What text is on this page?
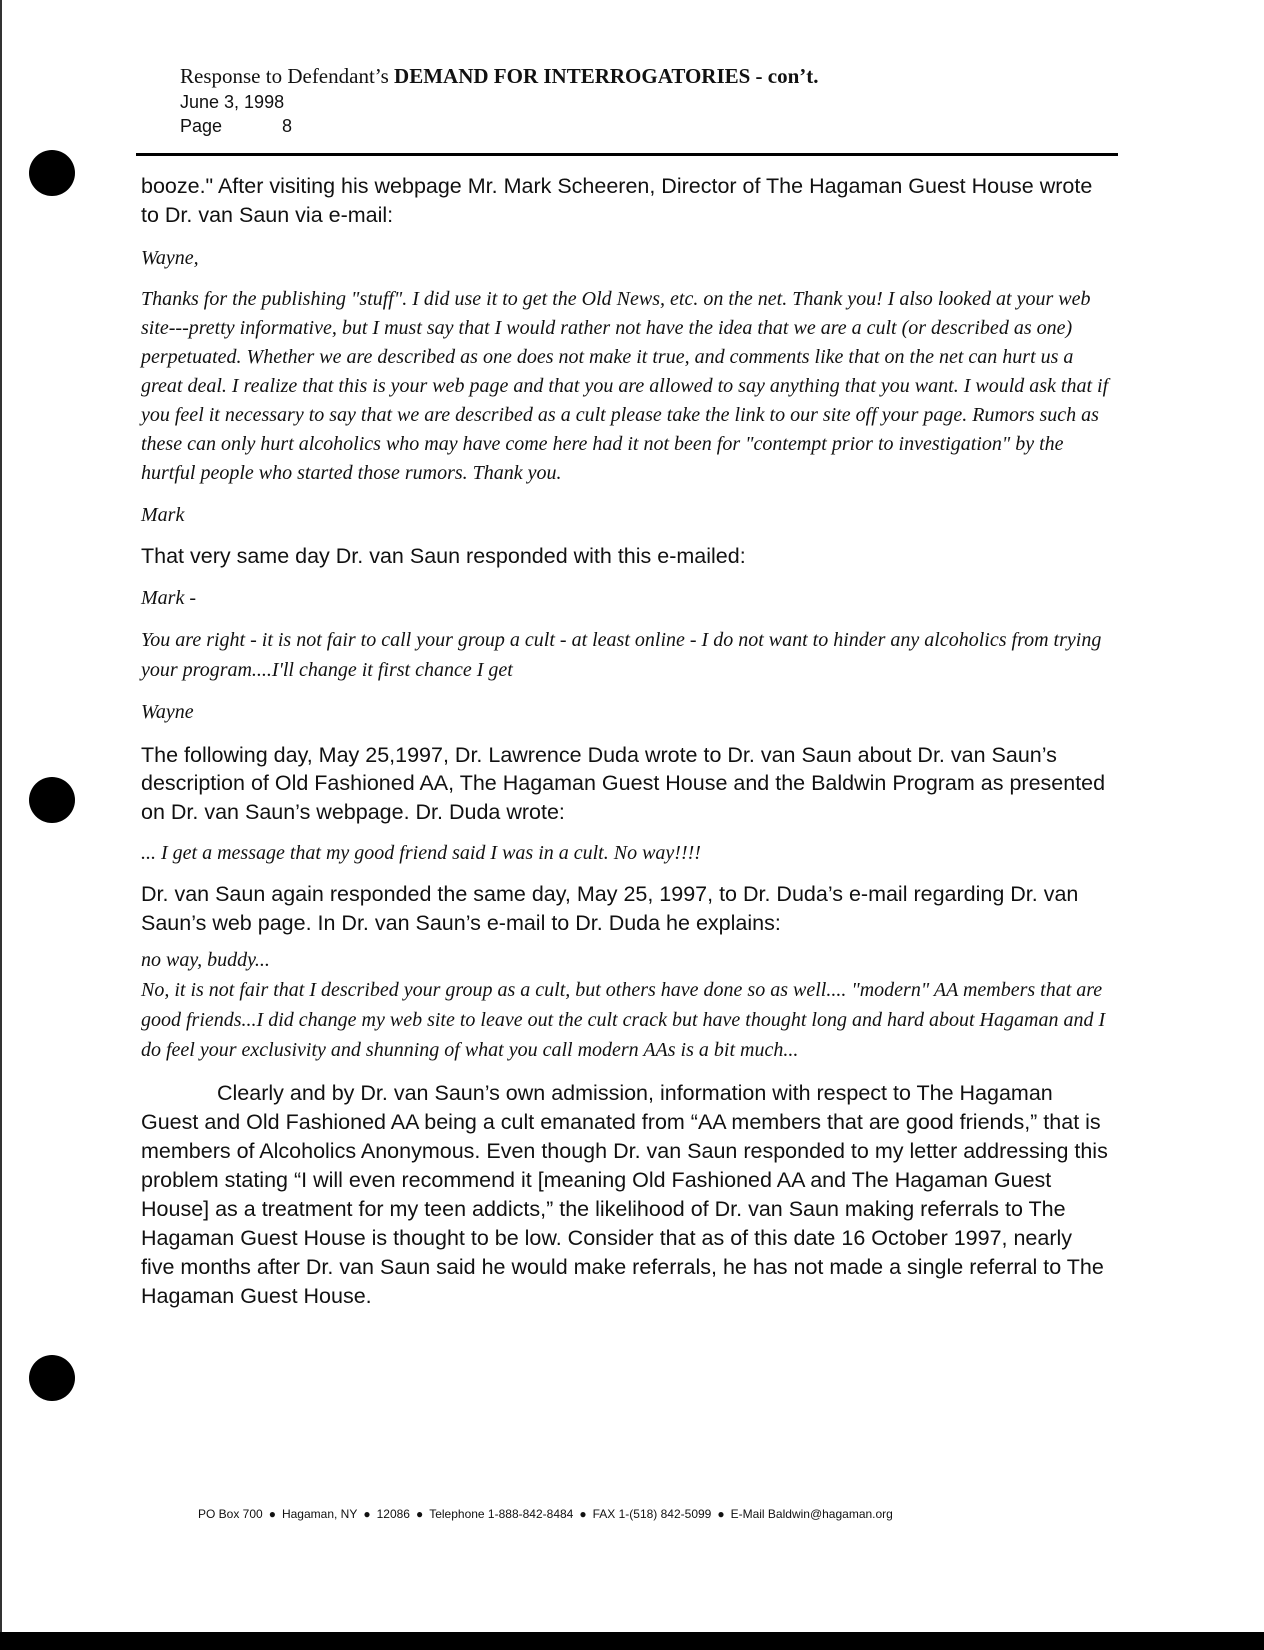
Response to Defendant’s DEMAND FOR INTERROGATORIES - con’t.
June 3, 1998
Page	8

booze." After visiting his webpage Mr. Mark Scheeren, Director of The Hagaman Guest House wrote to Dr. van Saun via e-mail:

Wayne,

Thanks for the publishing "stuff". I did use it to get the Old News, etc. on the net. Thank you! I also looked at your web site---pretty informative, but I must say that I would rather not have the idea that we are a cult (or described as one) perpetuated. Whether we are described as one does not make it true, and comments like that on the net can hurt us a great deal. I realize that this is your web page and that you are allowed to say anything that you want. I would ask that if you feel it necessary to say that we are described as a cult please take the link to our site off your page. Rumors such as these can only hurt alcoholics who may have come here had it not been for "contempt prior to investigation" by the hurtful people who started those rumors. Thank you.

Mark

That very same day Dr. van Saun responded with this e-mailed:

Mark -

You are right - it is not fair to call your group a cult - at least online - I do not want to hinder any alcoholics from trying your program....I'll change it first chance I get

Wayne

The following day, May 25,1997, Dr. Lawrence Duda wrote to Dr. van Saun about Dr. van Saun’s description of Old Fashioned AA, The Hagaman Guest House and the Baldwin Program as presented on Dr. van Saun’s webpage. Dr. Duda wrote:

... I get a message that my good friend said I was in a cult. No way!!!!

Dr. van Saun again responded the same day, May 25, 1997, to Dr. Duda’s e-mail regarding Dr. van Saun’s web page. In Dr. van Saun’s e-mail to Dr. Duda he explains:

no way, buddy...

No, it is not fair that I described your group as a cult, but others have done so as well.... "modern" AA members that are good friends...I did change my web site to leave out the cult crack but have thought long and hard about Hagaman and I do feel your exclusivity and shunning of what you call modern AAs is a bit much...

Clearly and by Dr. van Saun’s own admission, information with respect to The Hagaman Guest and Old Fashioned AA being a cult emanated from “AA members that are good friends,” that is members of Alcoholics Anonymous. Even though Dr. van Saun responded to my letter addressing this problem stating “I will even recommend it [meaning Old Fashioned AA and The Hagaman Guest House] as a treatment for my teen addicts,” the likelihood of Dr. van Saun making referrals to The Hagaman Guest House is thought to be low. Consider that as of this date 16 October 1997, nearly five months after Dr. van Saun said he would make referrals, he has not made a single referral to The Hagaman Guest House.

PO Box 700 ● Hagaman, NY ● 12086 ● Telephone 1-888-842-8484 ● FAX 1-(518) 842-5099 ● E-Mail Baldwin@hagaman.org
